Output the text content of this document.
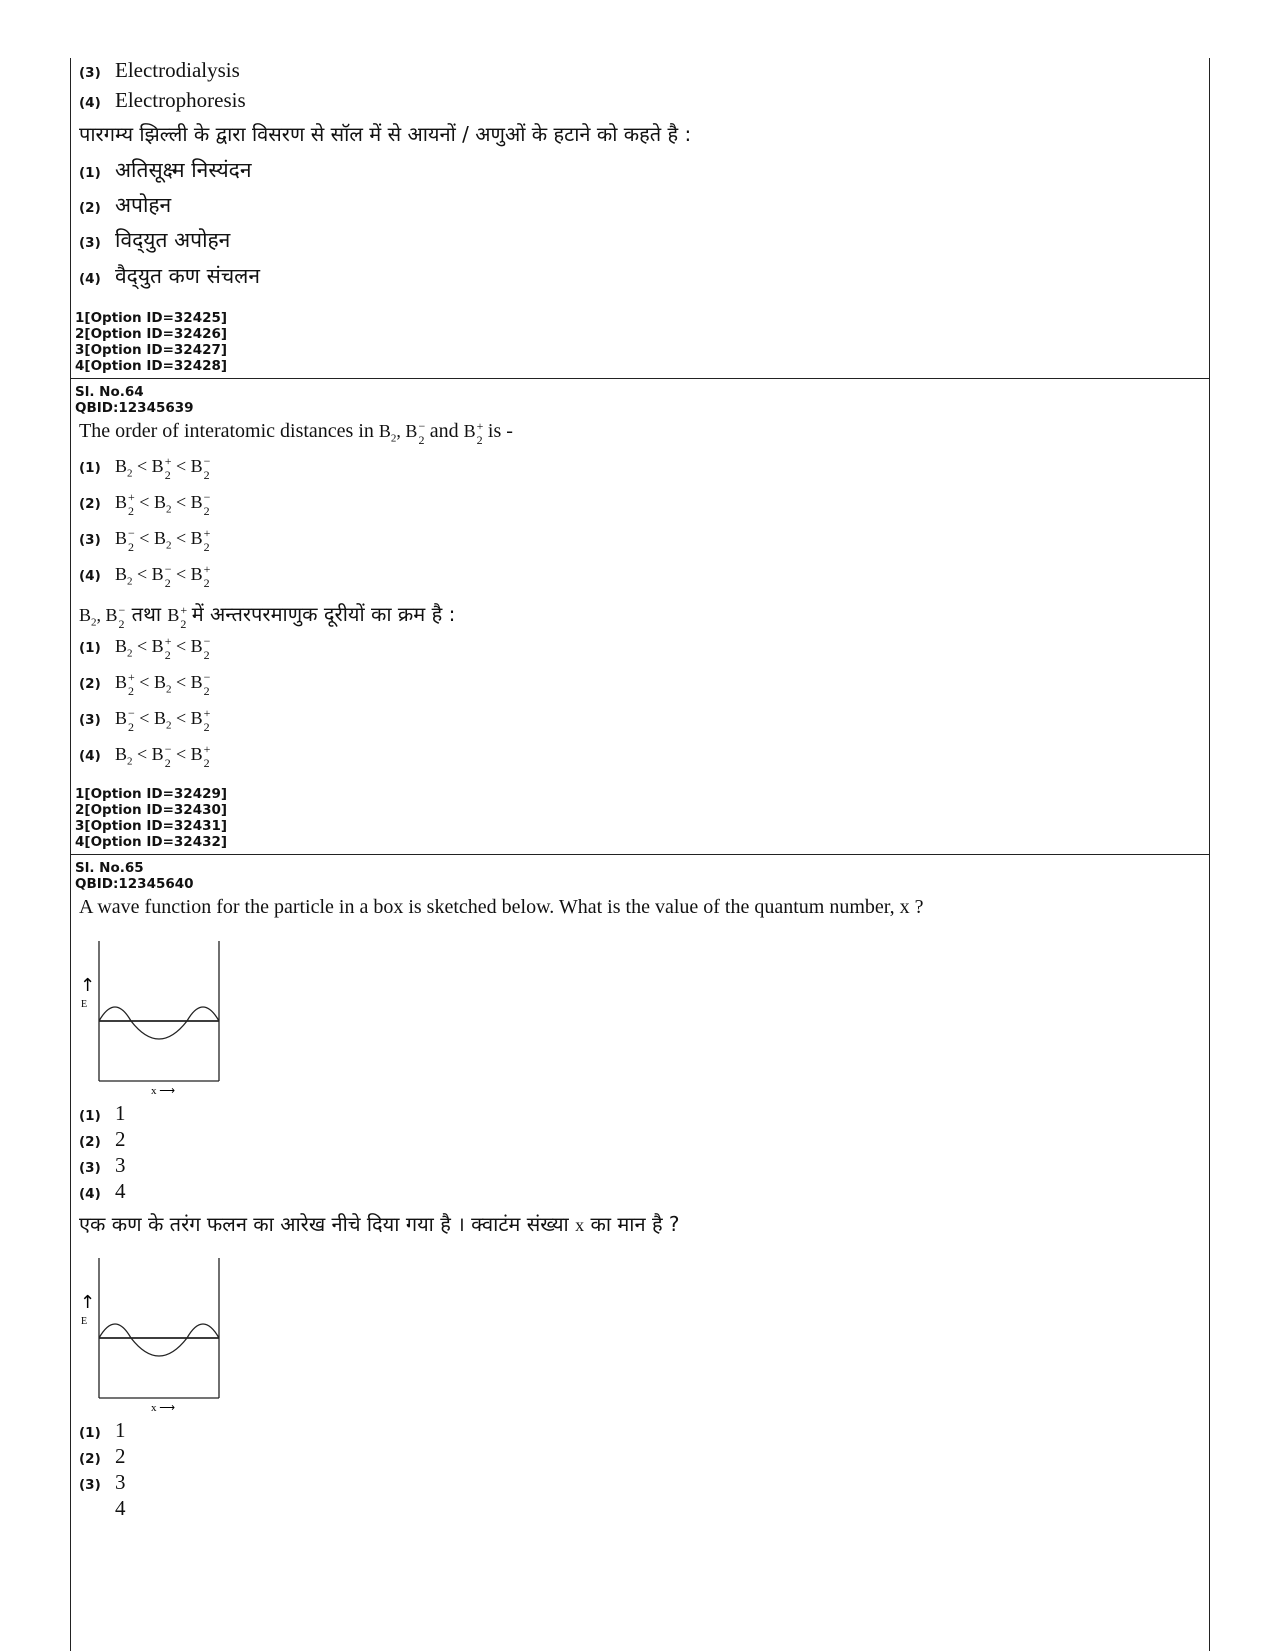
(3) Electrodialysis
(4) Electrophoresis
पारगम्य झिल्ली के द्वारा विसरण से सॉल में से आयनों / अणुओं के हटाने को कहते है :
(1) अतिसूक्ष्म निस्यंदन
(2) अपोहन
(3) विद्‌युत अपोहन
(4) वैद्‌युत कण संचलन
1[Option ID=32425]
2[Option ID=32426]
3[Option ID=32427]
4[Option ID=32428]
Sl. No.64
QBID:12345639
The order of interatomic distances in $B_2$, B −
2 and B +
2 is -
(1) $B_2 < B$ +
2 < B −
2
(2) B +
$2 < B_2 < B$ −
2
(3) B −
$2 < B_2 < B$ +
2
(4) $B_2 < B$ −
2 < B +
2
$B_2$, B −
2 तथा B +
2 में अन्तरपरमाणुक दूरीयों का क्रम है :
(1) $B_2 < B$ +
2 < B −
2
(2) B +
$2 < B_2 < B$ −
2
(3) B −
$2 < B_2 < B$ +
2
(4) $B_2 < B$ −
2 < B +
2
1[Option ID=32429]
2[Option ID=32430]
3[Option ID=32431]
4[Option ID=32432]
Sl. No.65
QBID:12345640
A wave function for the particle in a box is sketched below. What is the value of the quantum number, x ?
↑
E
x ⟶
(1) 1
(2) 2
(3) 3
(4) 4
एक कण के तरंग फलन का आरेख नीचे दिया गया है । क्वाटंम संख्या x का मान है ?
↑
E
x ⟶
(1) 1
(2) 2
(3) 3
4
